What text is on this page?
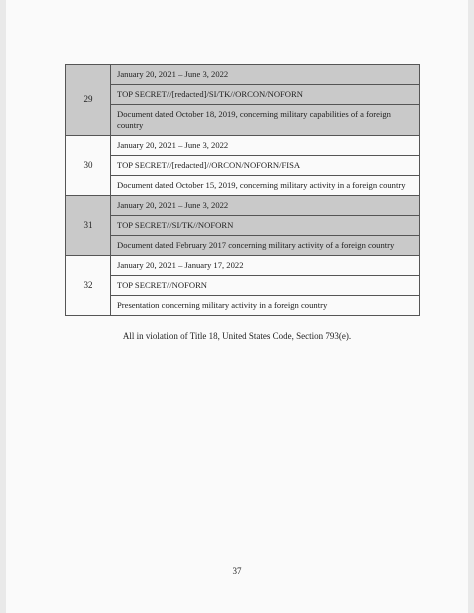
29	January 20, 2021 – June 3, 2022
	TOP SECRET//[redacted]/SI/TK//ORCON/NOFORN
	Document dated October 18, 2019, concerning military capabilities of a foreign country
30	January 20, 2021 – June 3, 2022
	TOP SECRET//[redacted]//ORCON/NOFORN/FISA
	Document dated October 15, 2019, concerning military activity in a foreign country
31	January 20, 2021 – June 3, 2022
	TOP SECRET//SI/TK//NOFORN
	Document dated February 2017 concerning military activity of a foreign country
32	January 20, 2021 – January 17, 2022
	TOP SECRET//NOFORN
	Presentation concerning military activity in a foreign country
All in violation of Title 18, United States Code, Section 793(e).
37
